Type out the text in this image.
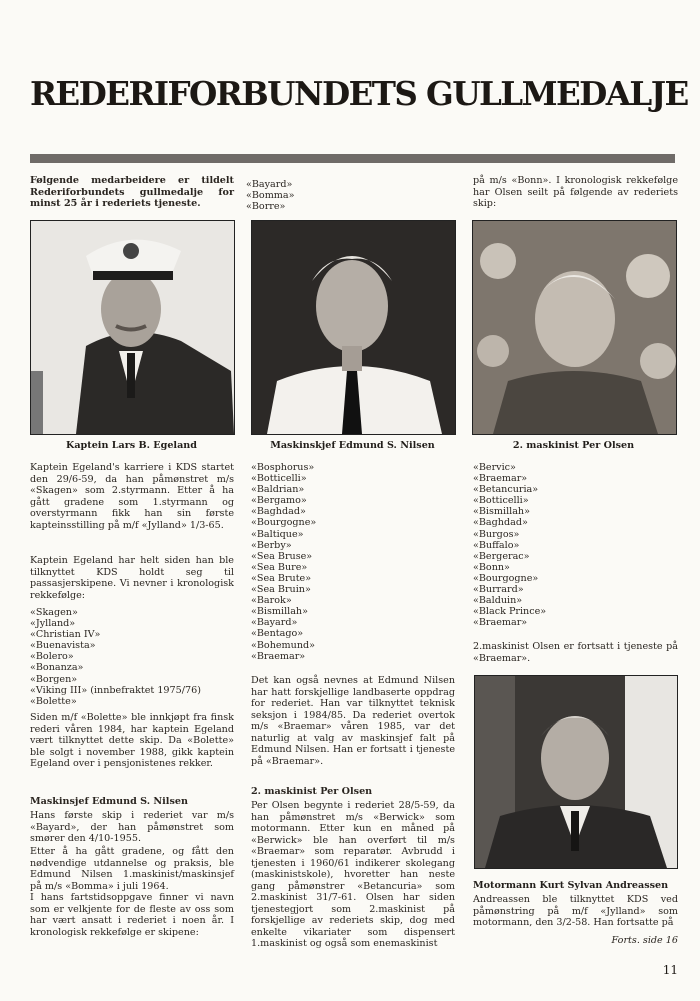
REDERIFORBUNDETS GULLMEDALJE
Følgende medarbeidere er tildelt Rederiforbundets gullmedalje for minst 25 år i rederiets tjeneste.
«Bayard»
«Bomma»
«Borre»
på m/s «Bonn». I kronologisk rekkefølge har Olsen seilt på følgende av rederiets skip:
Kaptein Lars B. Egeland	Maskinskjef Edmund S. Nilsen	2. maskinist Per Olsen
Kaptein Egeland's karriere i KDS startet den 29/6-59, da han påmønstret m/s «Skagen» som 2.styrmann. Etter å ha gått gradene som 1.styrmann og overstyrmann fikk han sin første kapteinsstilling på m/f «Jylland» 1/3-65.
Kaptein Egeland har helt siden han ble tilknyttet KDS holdt seg til passasjerskipene. Vi nevner i kronologisk rekkefølge:
«Skagen»
«Jylland»
«Christian IV»
«Buenavista»
«Bolero»
«Bonanza»
«Borgen»
«Viking III» (innbefraktet 1975/76)
«Bolette»
Siden m/f «Bolette» ble innkjøpt fra finsk rederi våren 1984, har kaptein Egeland vært tilknyttet dette skip. Da «Bolette» ble solgt i november 1988, gikk kaptein Egeland over i pensjonistenes rekker.
Maskinsjef Edmund S. Nilsen
Hans første skip i rederiet var m/s «Bayard», der han påmønstret som smører den 4/10-1955.
Etter å ha gått gradene, og fått den nødvendige utdannelse og praksis, ble Edmund Nilsen 1.maskinist/maskinsjef på m/s «Bomma» i juli 1964.
I hans fartstidsoppgave finner vi navn som er velkjente for de fleste av oss som har vært ansatt i rederiet i noen år. I kronologisk rekkefølge er skipene:
«Bosphorus»
«Botticelli»
«Baldrian»
«Bergamo»
«Baghdad»
«Bourgogne»
«Baltique»
«Berby»
«Sea Bruse»
«Sea Bure»
«Sea Brute»
«Sea Bruin»
«Barok»
«Bismillah»
«Bayard»
«Bentago»
«Bohemund»
«Braemar»
Det kan også nevnes at Edmund Nilsen har hatt forskjellige landbaserte oppdrag for rederiet. Han var tilknyttet teknisk seksjon i 1984/85. Da rederiet overtok m/s «Braemar» våren 1985, var det naturlig at valg av maskinsjef falt på Edmund Nilsen. Han er fortsatt i tjeneste på «Braemar».
2. maskinist Per Olsen
Per Olsen begynte i rederiet 28/5-59, da han påmønstret m/s «Berwick» som motormann. Etter kun en måned på «Berwick» ble han overført til m/s «Braemar» som reparatør. Avbrudd i tjenesten i 1960/61 indikerer skolegang (maskinistskole), hvoretter han neste gang påmønstrer «Betancuria» som 2.maskinist 31/7-61. Olsen har siden tjenestegjort som 2.maskinist på forskjellige av rederiets skip, dog med enkelte vikariater som dispensert 1.maskinist og også som enemaskinist
«Bervic»
«Braemar»
«Betancuria»
«Botticelli»
«Bismillah»
«Baghdad»
«Burgos»
«Buffalo»
«Bergerac»
«Bonn»
«Bourgogne»
«Burrard»
«Balduin»
«Black Prince»
«Braemar»
2.maskinist Olsen er fortsatt i tjeneste på «Braemar».
Motormann Kurt Sylvan Andreassen
Andreassen ble tilknyttet KDS ved påmønstring på m/f «Jylland» som motormann, den 3/2-58. Han fortsatte på
Forts. side 16
11
